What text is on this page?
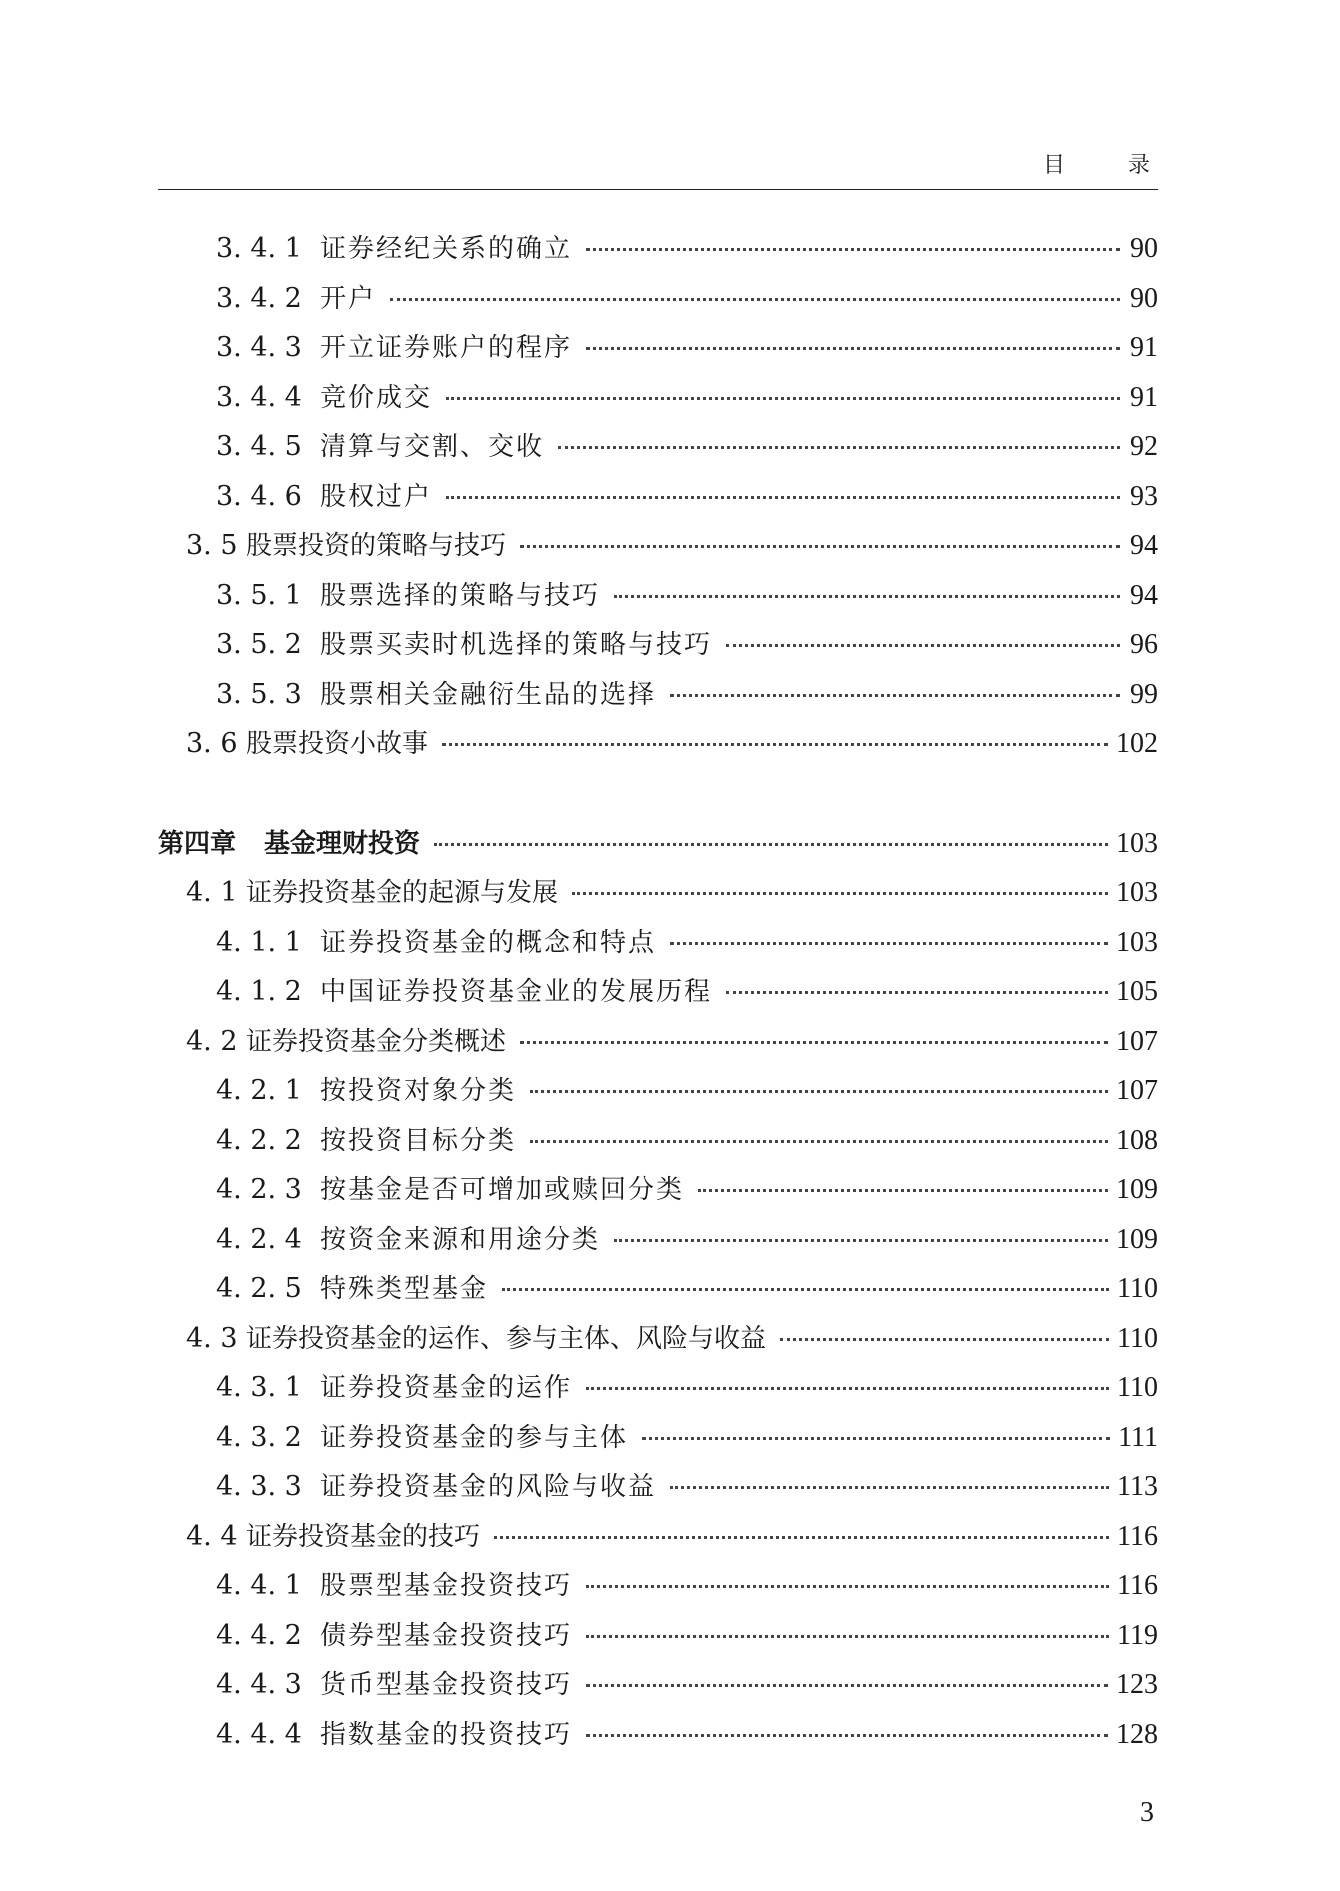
目 录
3. 4. 1 证券经纪关系的确立	90
3. 4. 2 开户	90
3. 4. 3 开立证券账户的程序	91
3. 4. 4 竞价成交	91
3. 4. 5 清算与交割、交收	92
3. 4. 6 股权过户	93
3. 5 股票投资的策略与技巧	94
3. 5. 1 股票选择的策略与技巧	94
3. 5. 2 股票买卖时机选择的策略与技巧	96
3. 5. 3 股票相关金融衍生品的选择	99
3. 6 股票投资小故事	102
第四章 基金理财投资	103
4. 1 证券投资基金的起源与发展	103
4. 1. 1 证券投资基金的概念和特点	103
4. 1. 2 中国证券投资基金业的发展历程	105
4. 2 证券投资基金分类概述	107
4. 2. 1 按投资对象分类	107
4. 2. 2 按投资目标分类	108
4. 2. 3 按基金是否可增加或赎回分类	109
4. 2. 4 按资金来源和用途分类	109
4. 2. 5 特殊类型基金	110
4. 3 证券投资基金的运作、参与主体、风险与收益	110
4. 3. 1 证券投资基金的运作	110
4. 3. 2 证券投资基金的参与主体	111
4. 3. 3 证券投资基金的风险与收益	113
4. 4 证券投资基金的技巧	116
4. 4. 1 股票型基金投资技巧	116
4. 4. 2 债券型基金投资技巧	119
4. 4. 3 货币型基金投资技巧	123
4. 4. 4 指数基金的投资技巧	128
3
